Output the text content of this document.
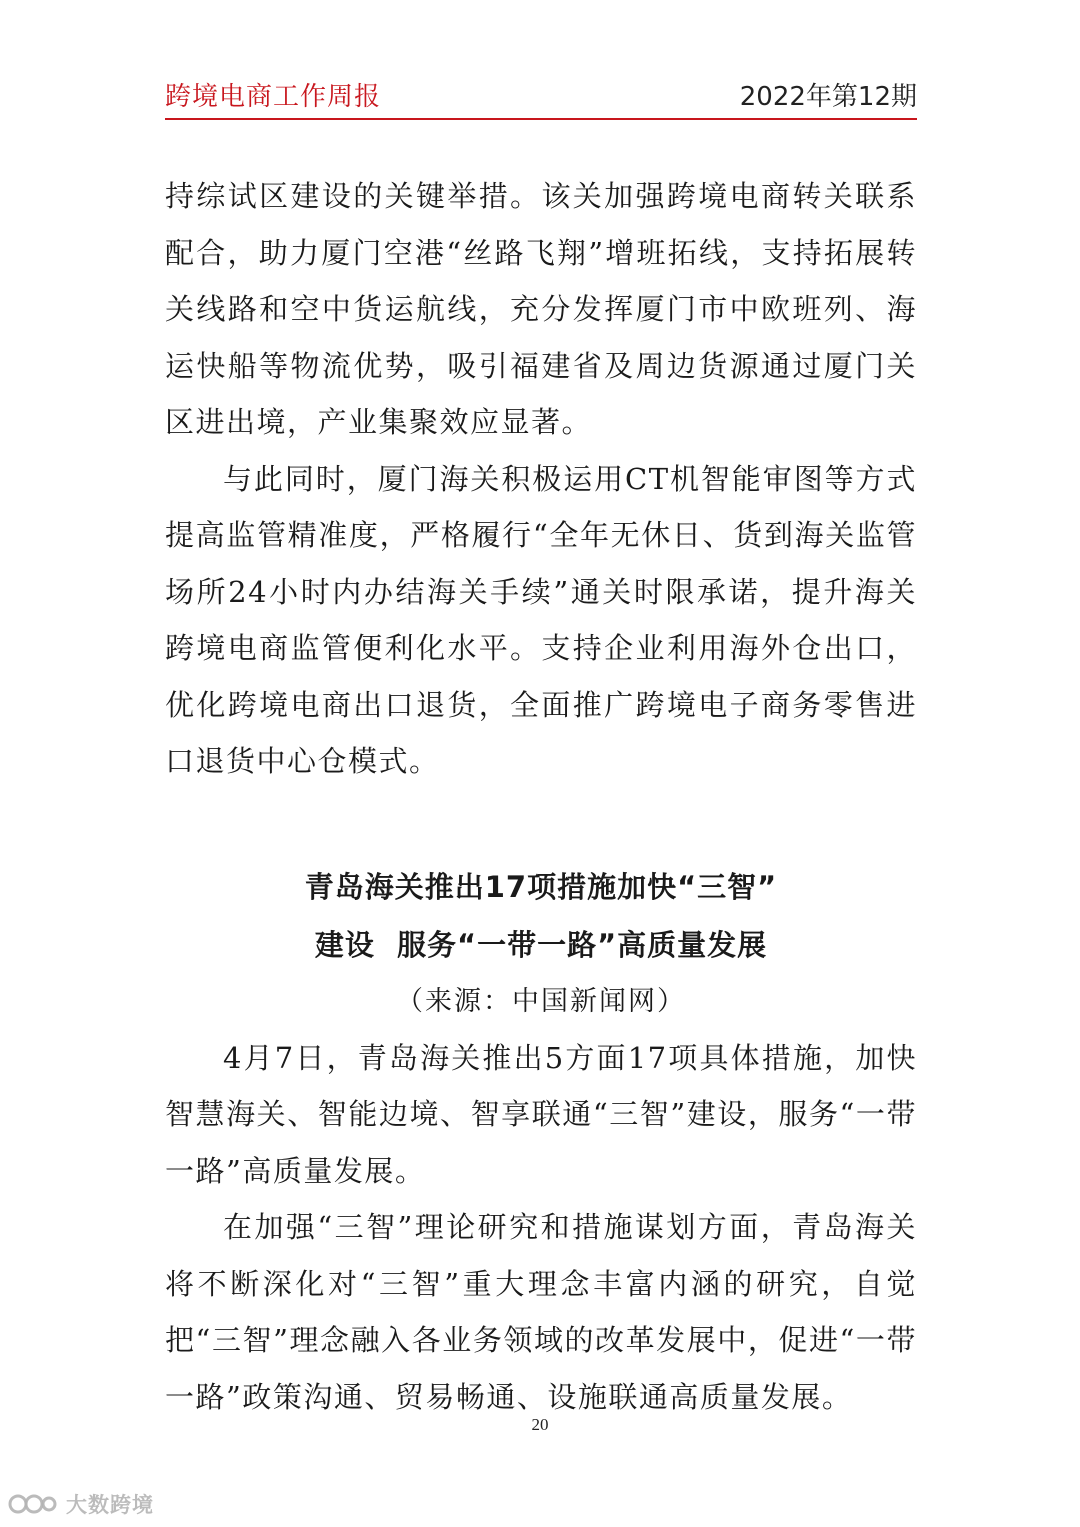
跨境电商工作周报	2022年第12期

持综试区建设的关键举措。该关加强跨境电商转关联系配合，助力厦门空港“丝路飞翔”增班拓线，支持拓展转关线路和空中货运航线，充分发挥厦门市中欧班列、海运快船等物流优势，吸引福建省及周边货源通过厦门关区进出境，产业集聚效应显著。

与此同时，厦门海关积极运用CT机智能审图等方式提高监管精准度，严格履行“全年无休日、货到海关监管场所24小时内办结海关手续”通关时限承诺，提升海关跨境电商监管便利化水平。支持企业利用海外仓出口，优化跨境电商出口退货，全面推广跨境电子商务零售进口退货中心仓模式。

青岛海关推出17项措施加快“三智”

建设  服务“一带一路”高质量发展

（来源：中国新闻网）

4月7日，青岛海关推出5方面17项具体措施，加快智慧海关、智能边境、智享联通“三智”建设，服务“一带一路”高质量发展。

在加强“三智”理论研究和措施谋划方面，青岛海关将不断深化对“三智”重大理念丰富内涵的研究，自觉把“三智”理念融入各业务领域的改革发展中，促进“一带一路”政策沟通、贸易畅通、设施联通高质量发展。

20
大数跨境
